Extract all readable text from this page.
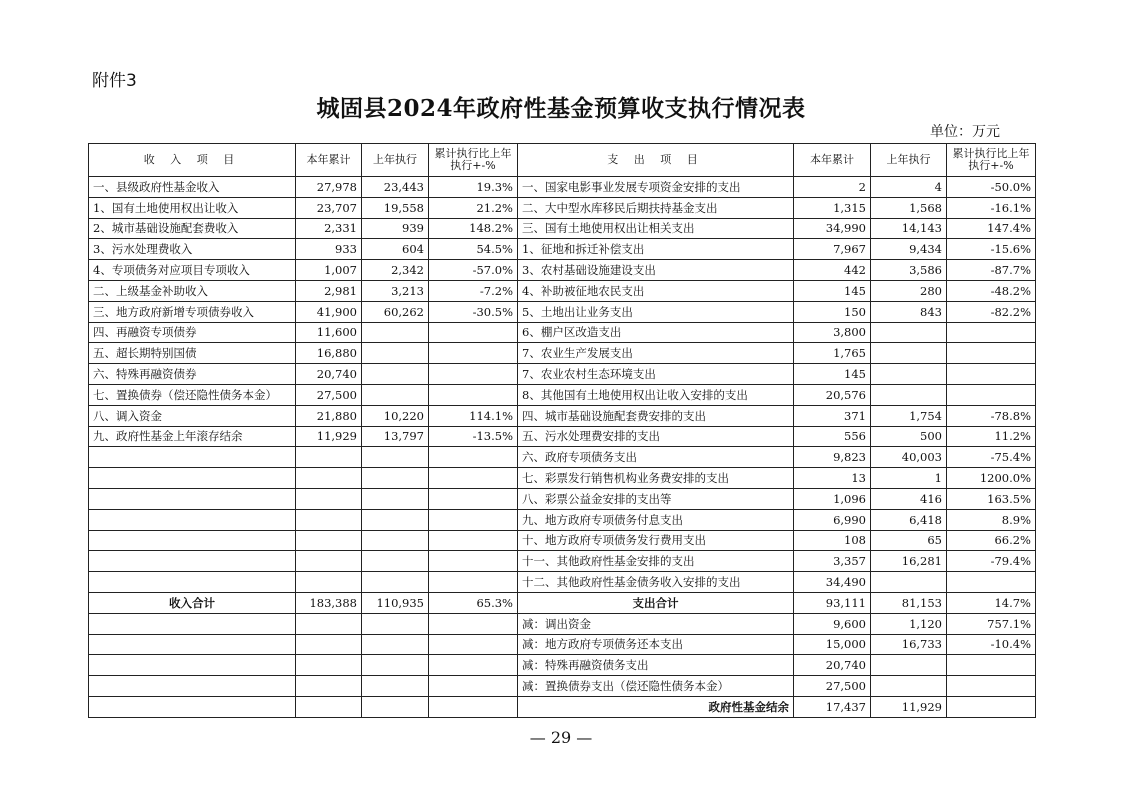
附件3
城固县2024年政府性基金预算收支执行情况表
单位：万元
收 入 项 目	本年累计	上年执行	累计执行比上年执行+-%	支 出 项 目	本年累计	上年执行	累计执行比上年执行+-%
一、县级政府性基金收入	27,978	23,443	19.3%	一、国家电影事业发展专项资金安排的支出	2	4	-50.0%
1、国有土地使用权出让收入	23,707	19,558	21.2%	二、大中型水库移民后期扶持基金支出	1,315	1,568	-16.1%
2、城市基础设施配套费收入	2,331	939	148.2%	三、国有土地使用权出让相关支出	34,990	14,143	147.4%
3、污水处理费收入	933	604	54.5%	1、征地和拆迁补偿支出	7,967	9,434	-15.6%
4、专项债务对应项目专项收入	1,007	2,342	-57.0%	3、农村基础设施建设支出	442	3,586	-87.7%
二、上级基金补助收入	2,981	3,213	-7.2%	4、补助被征地农民支出	145	280	-48.2%
三、地方政府新增专项债券收入	41,900	60,262	-30.5%	5、土地出让业务支出	150	843	-82.2%
四、再融资专项债券	11,600			6、棚户区改造支出	3,800		
五、超长期特别国债	16,880			7、农业生产发展支出	1,765		
六、特殊再融资债券	20,740			7、农业农村生态环境支出	145		
七、置换债券（偿还隐性债务本金）	27,500			8、其他国有土地使用权出让收入安排的支出	20,576		
八、调入资金	21,880	10,220	114.1%	四、城市基础设施配套费安排的支出	371	1,754	-78.8%
九、政府性基金上年滚存结余	11,929	13,797	-13.5%	五、污水处理费安排的支出	556	500	11.2%
				六、政府专项债务支出	9,823	40,003	-75.4%
				七、彩票发行销售机构业务费安排的支出	13	1	1200.0%
				八、彩票公益金安排的支出等	1,096	416	163.5%
				九、地方政府专项债务付息支出	6,990	6,418	8.9%
				十、地方政府专项债务发行费用支出	108	65	66.2%
				十一、其他政府性基金安排的支出	3,357	16,281	-79.4%
				十二、其他政府性基金债务收入安排的支出	34,490		
收入合计	183,388	110,935	65.3%	支出合计	93,111	81,153	14.7%
				减：调出资金	9,600	1,120	757.1%
				减：地方政府专项债务还本支出	15,000	16,733	-10.4%
				减：特殊再融资债务支出	20,740		
				减：置换债券支出（偿还隐性债务本金）	27,500		
				政府性基金结余	17,437	11,929	
— 29 —
